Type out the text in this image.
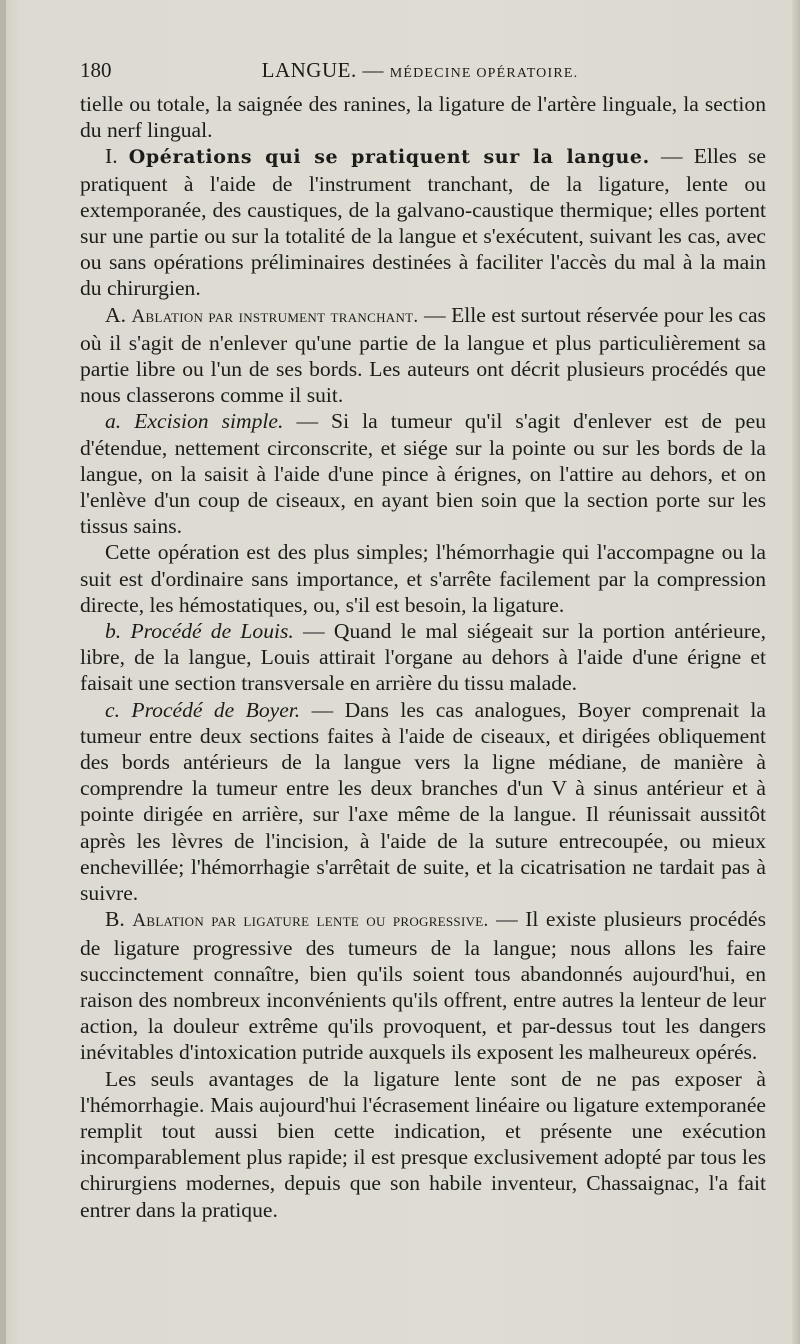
180	LANGUE. — MÉDECINE OPÉRATOIRE.

tielle ou totale, la saignée des ranines, la ligature de l'artère linguale, la section du nerf lingual.

I. Opérations qui se pratiquent sur la langue. — Elles se pratiquent à l'aide de l'instrument tranchant, de la ligature, lente ou extemporanée, des caustiques, de la galvano-caustique thermique; elles portent sur une partie ou sur la totalité de la langue et s'exécutent, suivant les cas, avec ou sans opérations préliminaires destinées à faciliter l'accès du mal à la main du chirurgien.

A. Ablation par instrument tranchant. — Elle est surtout réservée pour les cas où il s'agit de n'enlever qu'une partie de la langue et plus particulièrement sa partie libre ou l'un de ses bords. Les auteurs ont décrit plusieurs procédés que nous classerons comme il suit.

a. Excision simple. — Si la tumeur qu'il s'agit d'enlever est de peu d'étendue, nettement circonscrite, et siége sur la pointe ou sur les bords de la langue, on la saisit à l'aide d'une pince à érignes, on l'attire au dehors, et on l'enlève d'un coup de ciseaux, en ayant bien soin que la section porte sur les tissus sains.

Cette opération est des plus simples; l'hémorrhagie qui l'accompagne ou la suit est d'ordinaire sans importance, et s'arrête facilement par la compression directe, les hémostatiques, ou, s'il est besoin, la ligature.

b. Procédé de Louis. — Quand le mal siégeait sur la portion antérieure, libre, de la langue, Louis attirait l'organe au dehors à l'aide d'une érigne et faisait une section transversale en arrière du tissu malade.

c. Procédé de Boyer. — Dans les cas analogues, Boyer comprenait la tumeur entre deux sections faites à l'aide de ciseaux, et dirigées obliquement des bords antérieurs de la langue vers la ligne médiane, de manière à comprendre la tumeur entre les deux branches d'un V à sinus antérieur et à pointe dirigée en arrière, sur l'axe même de la langue. Il réunissait aussitôt après les lèvres de l'incision, à l'aide de la suture entrecoupée, ou mieux enchevillée; l'hémorrhagie s'arrêtait de suite, et la cicatrisation ne tardait pas à suivre.

B. Ablation par ligature lente ou progressive. — Il existe plusieurs procédés de ligature progressive des tumeurs de la langue; nous allons les faire succinctement connaître, bien qu'ils soient tous abandonnés aujourd'hui, en raison des nombreux inconvénients qu'ils offrent, entre autres la lenteur de leur action, la douleur extrême qu'ils provoquent, et par-dessus tout les dangers inévitables d'intoxication putride auxquels ils exposent les malheureux opérés.

Les seuls avantages de la ligature lente sont de ne pas exposer à l'hémorrhagie. Mais aujourd'hui l'écrasement linéaire ou ligature extemporanée remplit tout aussi bien cette indication, et présente une exécution incomparablement plus rapide; il est presque exclusivement adopté par tous les chirurgiens modernes, depuis que son habile inventeur, Chassaignac, l'a fait entrer dans la pratique.
